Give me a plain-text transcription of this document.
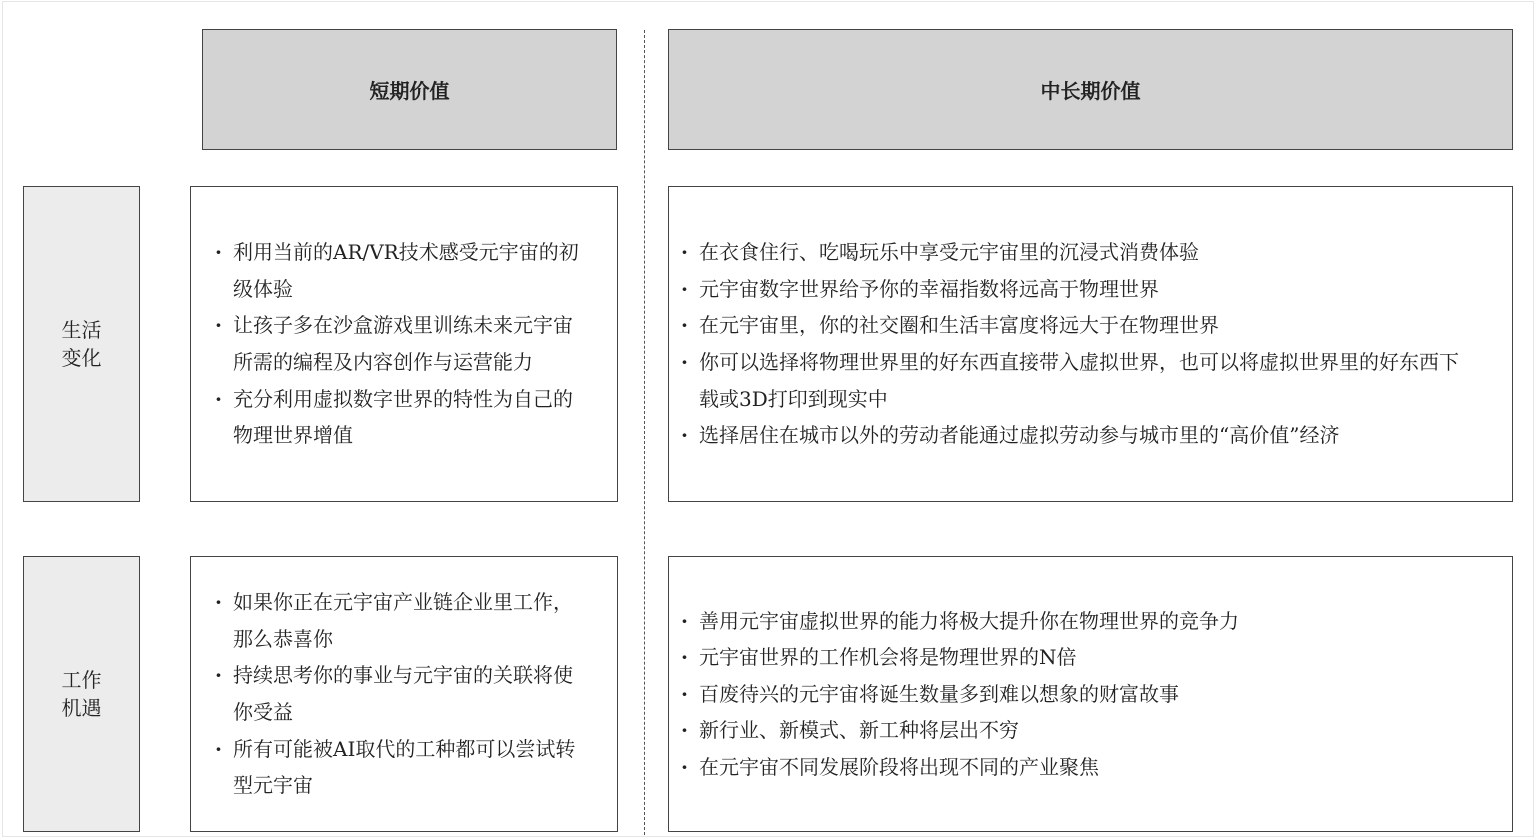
短期价值	中长期价值
生活变化
· 利用当前的AR/VR技术感受元宇宙的初级体验
· 让孩子多在沙盒游戏里训练未来元宇宙所需的编程及内容创作与运营能力
· 充分利用虚拟数字世界的特性为自己的物理世界增值
· 在衣食住行、吃喝玩乐中享受元宇宙里的沉浸式消费体验
· 元宇宙数字世界给予你的幸福指数将远高于物理世界
· 在元宇宙里，你的社交圈和生活丰富度将远大于在物理世界
· 你可以选择将物理世界里的好东西直接带入虚拟世界，也可以将虚拟世界里的好东西下载或3D打印到现实中
· 选择居住在城市以外的劳动者能通过虚拟劳动参与城市里的“高价值”经济
工作机遇
· 如果你正在元宇宙产业链企业里工作，那么恭喜你
· 持续思考你的事业与元宇宙的关联将使你受益
· 所有可能被AI取代的工种都可以尝试转型元宇宙
· 善用元宇宙虚拟世界的能力将极大提升你在物理世界的竞争力
· 元宇宙世界的工作机会将是物理世界的N倍
· 百废待兴的元宇宙将诞生数量多到难以想象的财富故事
· 新行业、新模式、新工种将层出不穷
· 在元宇宙不同发展阶段将出现不同的产业聚焦
